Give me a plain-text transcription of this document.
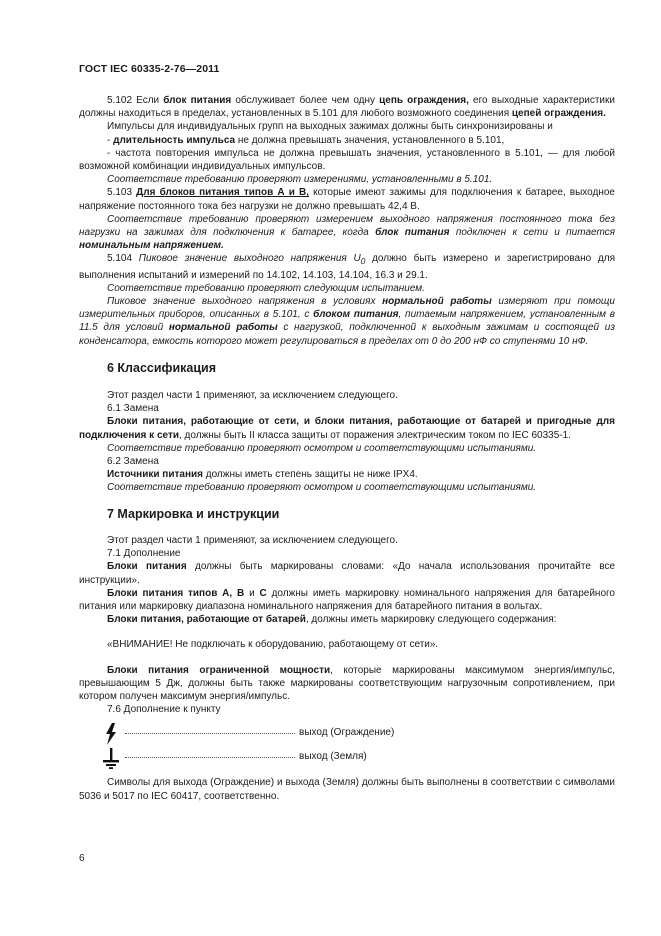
ГОСТ IEC 60335-2-76—2011

5.102 Если блок питания обслуживает более чем одну цепь ограждения, его выходные характеристики должны находиться в пределах, установленных в 5.101 для любого возможного соединения цепей ограждения.

Импульсы для индивидуальных групп на выходных зажимах должны быть синхронизированы и

- длительность импульса не должна превышать значения, установленного в 5.101,

- частота повторения импульса не должна превышать значения, установленного в 5.101, — для любой возможной комбинации индивидуальных импульсов.

Соответствие требованию проверяют измерениями, установленными в 5.101.

5.103 Для блоков питания типов А и В, которые имеют зажимы для подключения к батарее, выходное напряжение постоянного тока без нагрузки не должно превышать 42,4 В.

Соответствие требованию проверяют измерением выходного напряжения постоянного тока без нагрузки на зажимах для подключения к батарее, когда блок питания подключен к сети и питается номинальным напряжением.

5.104 Пиковое значение выходного напряжения $U_0$ должно быть измерено и зарегистрировано для выполнения испытаний и измерений по 14.102, 14.103, 14.104, 16.3 и 29.1.

Соответствие требованию проверяют следующим испытанием.

Пиковое значение выходного напряжения в условиях нормальной работы измеряют при помощи измерительных приборов, описанных в 5.101, с блоком питания, питаемым напряжением, установленным в 11.5 для условий нормальной работы с нагрузкой, подключенной к выходным зажимам и состоящей из конденсатора, емкость которого может регулироваться в пределах от 0 до 200 нФ со ступенями 10 нФ.

6 Классификация

Этот раздел части 1 применяют, за исключением следующего.

6.1 Замена

Блоки питания, работающие от сети, и блоки питания, работающие от батарей и пригодные для подключения к сети, должны быть II класса защиты от поражения электрическим током по IEC 60335-1.

Соответствие требованию проверяют осмотром и соответствующими испытаниями.

6.2 Замена

Источники питания должны иметь степень защиты не ниже IPX4.

Соответствие требованию проверяют осмотром и соответствующими испытаниями.

7 Маркировка и инструкции

Этот раздел части 1 применяют, за исключением следующего.

7.1 Дополнение

Блоки питания должны быть маркированы словами: «До начала использования прочитайте все инструкции».

Блоки питания типов А, В и С должны иметь маркировку номинального напряжения для батарейного питания или маркировку диапазона номинального напряжения для батарейного питания в вольтах.

Блоки питания, работающие от батарей, должны иметь маркировку следующего содержания:

«ВНИМАНИЕ! Не подключать к оборудованию, работающему от сети».

Блоки питания ограниченной мощности, которые маркированы максимумом энергия/импульс, превышающим 5 Дж, должны быть также маркированы соответствующим нагрузочным сопротивлением, при котором получен максимум энергия/импульс.

7.6 Дополнение к пункту

выход (Ограждение)
выход (Земля)

Символы для выхода (Ограждение) и выхода (Земля) должны быть выполнены в соответствии с символами 5036 и 5017 по IEC 60417, соответственно.

6
